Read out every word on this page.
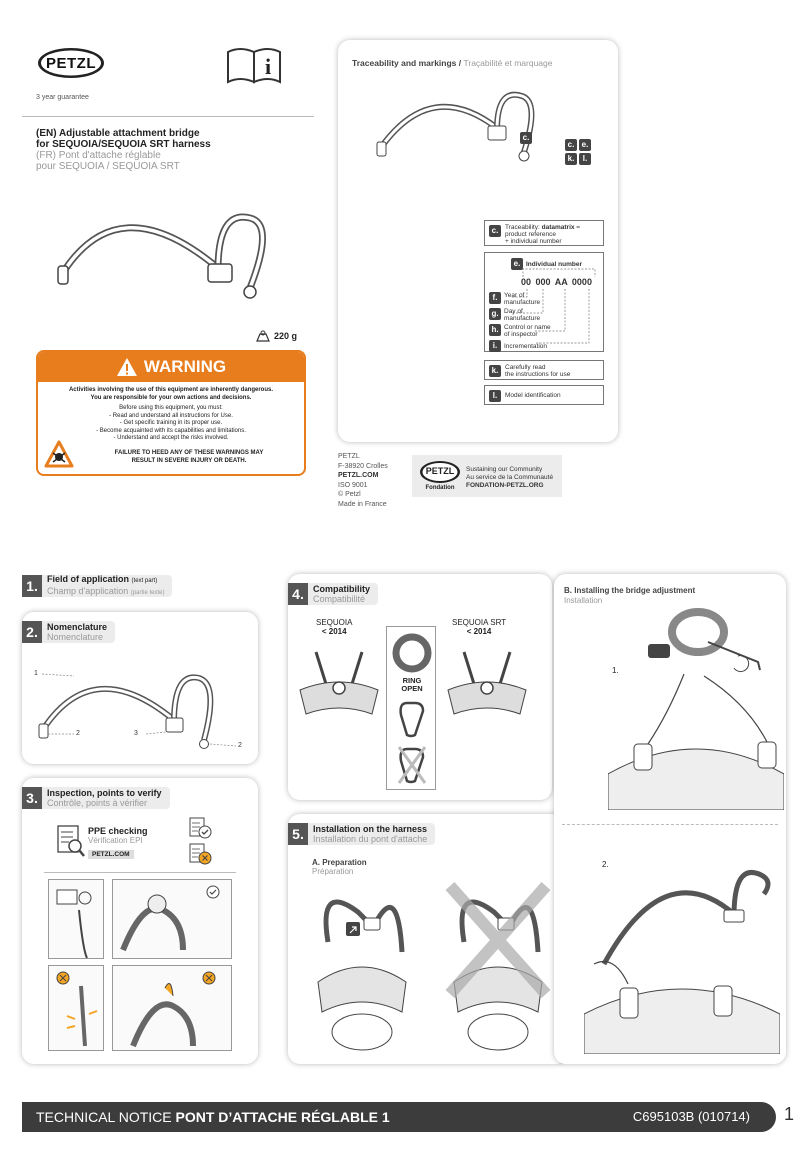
PETZL
3 year guarantee
i
(EN) Adjustable attachment bridge
for SEQUOIA/SEQUOIA SRT harness
(FR) Pont d'attache réglable
pour SEQUOIA / SEQUOIA SRT
220 g
WARNING
Activities involving the use of this equipment are inherently dangerous.
You are responsible for your own actions and decisions.
Before using this equipment, you must:
- Read and understand all instructions for Use.
- Get specific training in its proper use.
- Become acquainted with its capabilities and limitations.
- Understand and accept the risks involved.
FAILURE TO HEED ANY OF THESE WARNINGS MAY
RESULT IN SEVERE INJURY OR DEATH.
Traceability and markings / Traçabilité et marquage
c.
c. e.
k.	l.
c.	Traceability: datamatrix =
product reference
+ individual number
e. Individual number
00 000 AA 0000
f.	Year of
manufacture
g. Day of
manufacture
h. Control or name
of inspector
i.	Incrementation
k.	Carefully read
the instructions for use
l.	Model identification
PETZL
F-38920 Crolles
PETZL.COM
ISO 9001
© Petzl
Made in France
PETZL
Fondation
Sustaining our Community
Au service de la Communauté
FONDATION-PETZL.ORG
1.	Field of application (text part)
Champ d'application (partie texte)
2.	Nomenclature
Nomenclature
1
2	3
2
3.	Inspection, points to verify
Contrôle, points à vérifier
PPE checking
Vérification EPI
PETZL.COM
4.	Compatibility
Compatibilité
SEQUOIA
< 2014
SEQUOIA SRT
< 2014
RING
OPEN
5.	Installation on the harness
Installation du pont d'attache
A. Preparation
Préparation
B. Installing the bridge adjustment
Installation
1.
2.
TECHNICAL NOTICE PONT D’ATTACHE RÉGLABLE 1	C695103B (010714) 1
